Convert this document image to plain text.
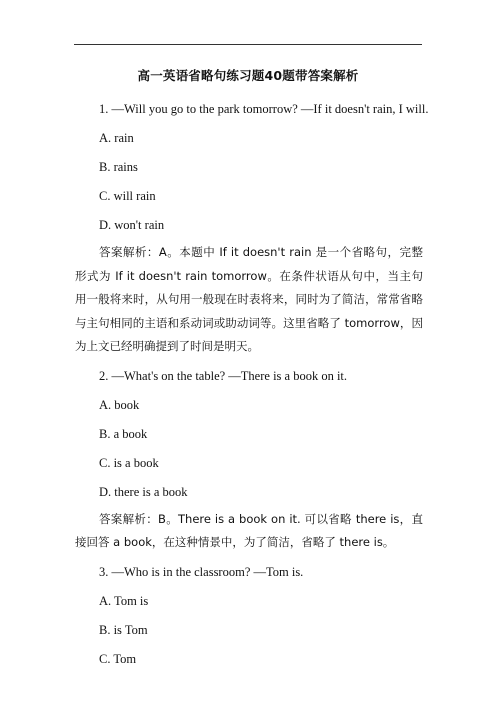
高一英语省略句练习题40题带答案解析
1. —Will you go to the park tomorrow? —If it doesn't rain, I will.
A. rain
B. rains
C. will rain
D. won't rain
答案解析：A。本题中 If it doesn't rain 是一个省略句，完整形式为 If it doesn't rain tomorrow。在条件状语从句中，当主句用一般将来时，从句用一般现在时表将来，同时为了简洁，常常省略与主句相同的主语和系动词或助动词等。这里省略了 tomorrow，因为上文已经明确提到了时间是明天。
2. —What's on the table? —There is a book on it.
A. book
B. a book
C. is a book
D. there is a book
答案解析：B。There is a book on it. 可以省略 there is，直接回答 a book，在这种情景中，为了简洁，省略了 there is。
3. —Who is in the classroom? —Tom is.
A. Tom is
B. is Tom
C. Tom
